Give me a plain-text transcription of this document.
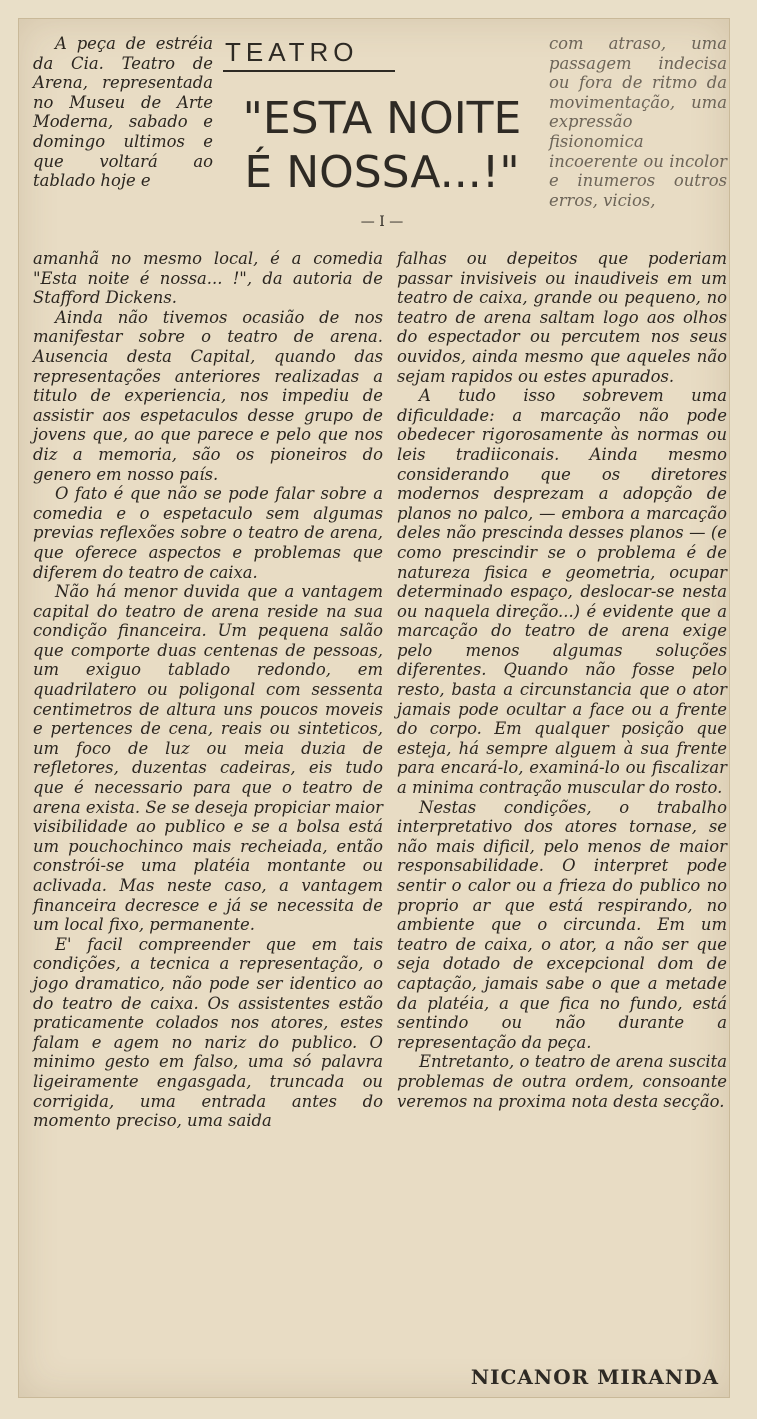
A peça de estréia da Cia. Teatro de Arena, representada no Museu de Arte Moderna, sabado e domingo ultimos e que voltará ao tablado hoje e

TEATRO
"ESTA NOITE
É NOSSA...!"
— I —

com atraso, uma passagem indecisa ou fora de ritmo da movimentação, uma expressão fisionomica incoerente ou incolor e inumeros outros erros, vicios,

amanhã no mesmo local, é a comedia "Esta noite é nossa... !", da autoria de Stafford Dickens.

Ainda não tivemos ocasião de nos manifestar sobre o teatro de arena. Ausencia desta Capital, quando das representações anteriores realizadas a titulo de experiencia, nos impediu de assistir aos espetaculos desse grupo de jovens que, ao que parece e pelo que nos diz a memoria, são os pioneiros do genero em nosso país.

O fato é que não se pode falar sobre a comedia e o espetaculo sem algumas previas reflexões sobre o teatro de arena, que oferece aspectos e problemas que diferem do teatro de caixa.

Não há menor duvida que a vantagem capital do teatro de arena reside na sua condição financeira. Um pequena salão que comporte duas centenas de pessoas, um exiguo tablado redondo, em quadrilatero ou poligonal com sessenta centimetros de altura uns poucos moveis e pertences de cena, reais ou sinteticos, um foco de luz ou meia duzia de refletores, duzentas cadeiras, eis tudo que é necessario para que o teatro de arena exista. Se se deseja propiciar maior visibilidade ao publico e se a bolsa está um pouchochinco mais recheiada, então constrói-se uma platéia montante ou aclivada. Mas neste caso, a vantagem financeira decresce e já se necessita de um local fixo, permanente.

E' facil compreender que em tais condições, a tecnica a representação, o jogo dramatico, não pode ser identico ao do teatro de caixa. Os assistentes estão praticamente colados nos atores, estes falam e agem no nariz do publico. O minimo gesto em falso, uma só palavra ligeiramente engasgada, truncada ou corrigida, uma entrada antes do momento preciso, uma saida

falhas ou depeitos que poderiam passar invisiveis ou inaudiveis em um teatro de caixa, grande ou pequeno, no teatro de arena saltam logo aos olhos do espectador ou percutem nos seus ouvidos, ainda mesmo que aqueles não sejam rapidos ou estes apurados.

A tudo isso sobrevem uma dificuldade: a marcação não pode obedecer rigorosamente às normas ou leis tradiiconais. Ainda mesmo considerando que os diretores modernos desprezam a adopção de planos no palco, — embora a marcação deles não prescinda desses planos — (e como prescindir se o problema é de natureza fisica e geometria, ocupar determinado espaço, deslocar-se nesta ou naquela direção...) é evidente que a marcação do teatro de arena exige pelo menos algumas soluções diferentes. Quando não fosse pelo resto, basta a circunstancia que o ator jamais pode ocultar a face ou a frente do corpo. Em qualquer posição que esteja, há sempre alguem à sua frente para encará-lo, examiná-lo ou fiscalizar a minima contração muscular do rosto.

Nestas condições, o trabalho interpretativo dos atores tornase, se não mais dificil, pelo menos de maior responsabilidade. O interpret pode sentir o calor ou a frieza do publico no proprio ar que está respirando, no ambiente que o circunda. Em um teatro de caixa, o ator, a não ser que seja dotado de excepcional dom de captação, jamais sabe o que a metade da platéia, a que fica no fundo, está sentindo ou não durante a representação da peça.

Entretanto, o teatro de arena suscita problemas de outra ordem, consoante veremos na proxima nota desta secção.

NICANOR MIRANDA
